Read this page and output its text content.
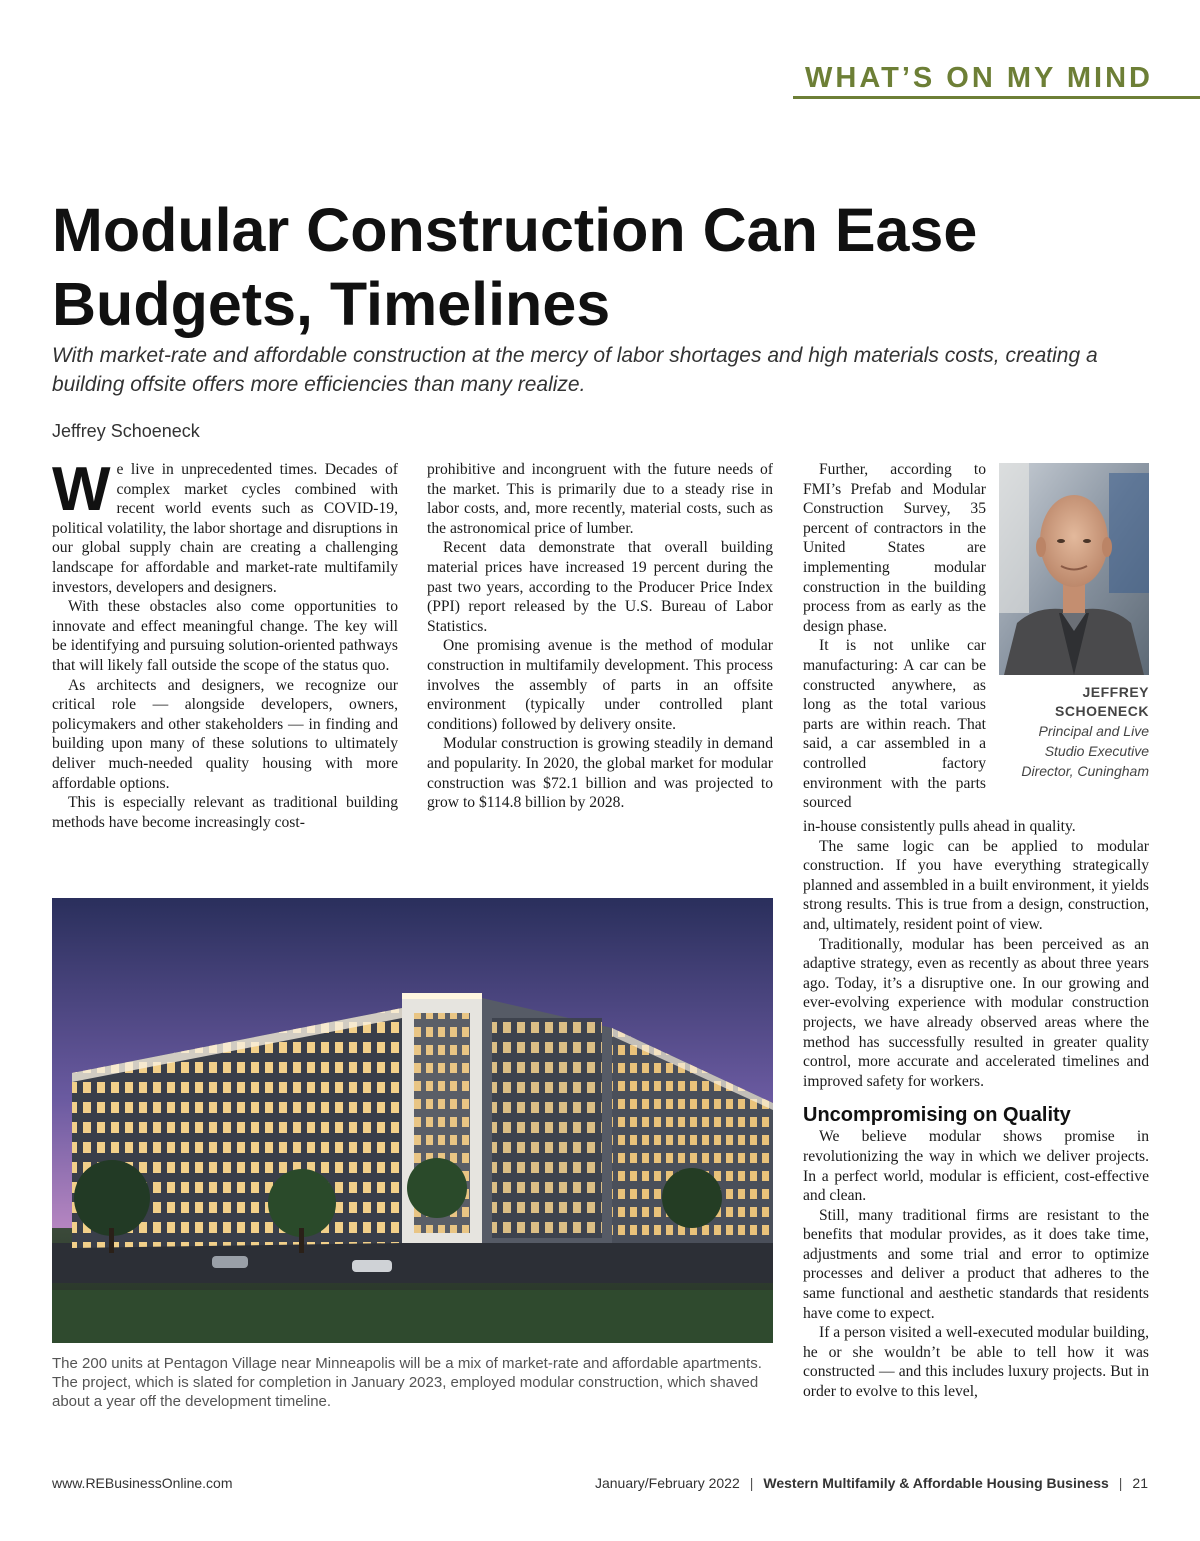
WHAT’S ON MY MIND
Modular Construction Can Ease Budgets, Timelines

With market-rate and affordable construction at the mercy of labor shortages and high materials costs, creating a building offsite offers more efficiencies than many realize.

Jeffrey Schoeneck

We live in unprecedented times. Decades of complex market cycles combined with recent world events such as COVID-19, political volatility, the labor shortage and disruptions in our global supply chain are creating a challenging landscape for affordable and market-rate multifamily investors, developers and designers.

With these obstacles also come opportunities to innovate and effect meaningful change. The key will be identifying and pursuing solution-oriented pathways that will likely fall outside the scope of the status quo.

As architects and designers, we recognize our critical role — alongside developers, owners, policymakers and other stakeholders — in finding and building upon many of these solutions to ultimately deliver much-needed quality housing with more affordable options.

This is especially relevant as traditional building methods have become increasingly cost-

prohibitive and incongruent with the future needs of the market. This is primarily due to a steady rise in labor costs, and, more recently, material costs, such as the astronomical price of lumber.

Recent data demonstrate that overall building material prices have increased 19 percent during the past two years, according to the Producer Price Index (PPI) report released by the U.S. Bureau of Labor Statistics.

One promising avenue is the method of modular construction in multifamily development. This process involves the assembly of parts in an offsite environment (typically under controlled plant conditions) followed by delivery onsite.

Modular construction is growing steadily in demand and popularity. In 2020, the global market for modular construction was $72.1 billion and was projected to grow to $114.8 billion by 2028.

Further, according to FMI’s Prefab and Modular Construction Survey, 35 percent of contractors in the United States are implementing modular construction in the building process from as early as the design phase.

It is not unlike car manufacturing: A car can be constructed anywhere, as long as the total various parts are within reach. That said, a car assembled in a controlled factory environment with the parts sourced

in-house consistently pulls ahead in quality.

The same logic can be applied to modular construction. If you have everything strategically planned and assembled in a built environment, it yields strong results. This is true from a design, construction, and, ultimately, resident point of view.

Traditionally, modular has been perceived as an adaptive strategy, even as recently as about three years ago. Today, it’s a disruptive one. In our growing and ever-evolving experience with modular construction projects, we have already observed areas where the method has successfully resulted in greater quality control, more accurate and accelerated timelines and improved safety for workers.

Uncompromising on Quality

We believe modular shows promise in revolutionizing the way in which we deliver projects. In a perfect world, modular is efficient, cost-effective and clean.

Still, many traditional firms are resistant to the benefits that modular provides, as it does take time, adjustments and some trial and error to optimize processes and deliver a product that adheres to the same functional and aesthetic standards that residents have come to expect.

If a person visited a well-executed modular building, he or she wouldn’t be able to tell how it was constructed — and this includes luxury projects. But in order to evolve to this level,

JEFFREY SCHOENECK
Principal and Live Studio Executive Director, Cuningham

The 200 units at Pentagon Village near Minneapolis will be a mix of market-rate and affordable apartments. The project, which is slated for completion in January 2023, employed modular construction, which shaved about a year off the development timeline.

www.REBusinessOnline.com	January/February 2022 | Western Multifamily & Affordable Housing Business | 21
